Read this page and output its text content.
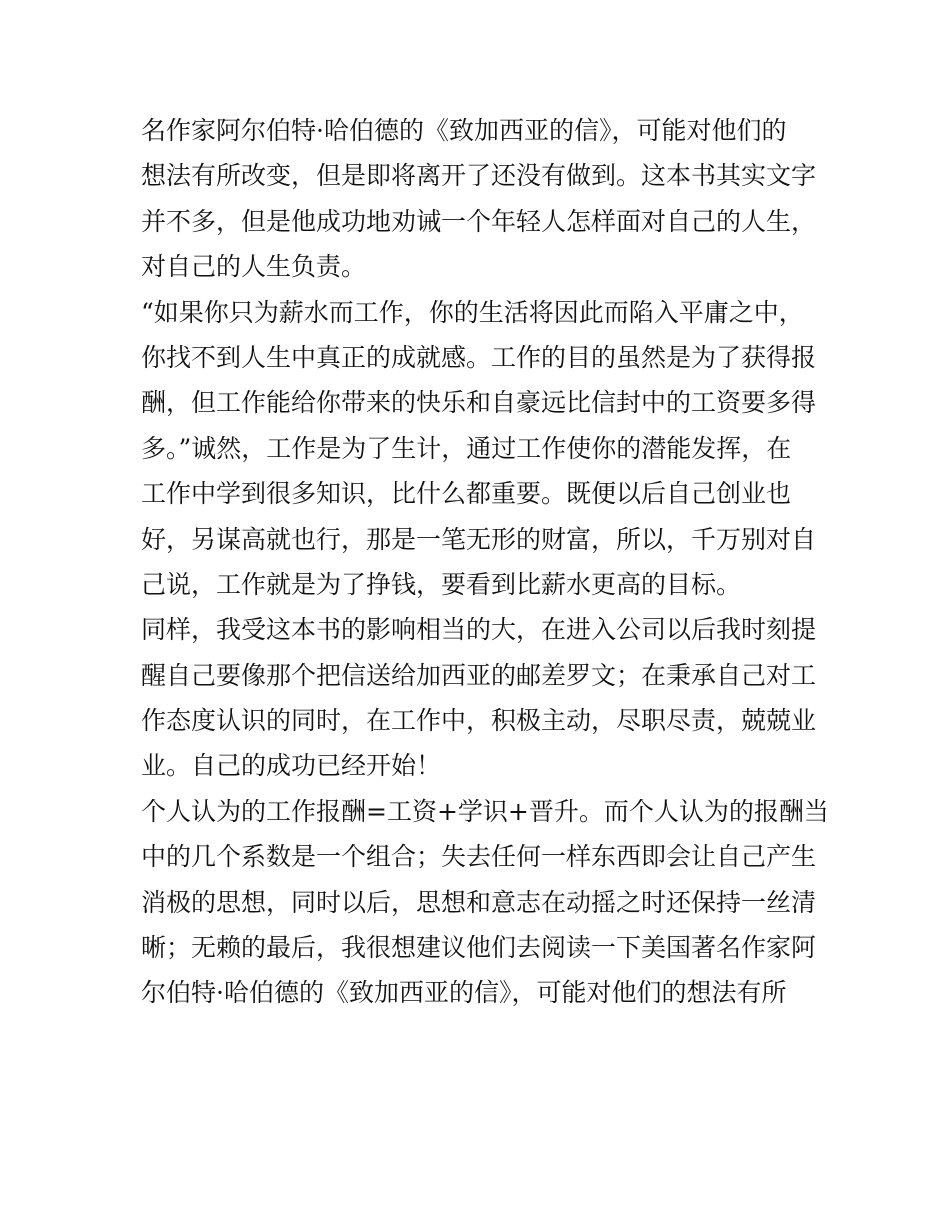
名作家阿尔伯特·哈伯德的《致加西亚的信》，可能对他们的
想法有所改变，但是即将离开了还没有做到。这本书其实文字
并不多，但是他成功地劝诫一个年轻人怎样面对自己的人生，
对自己的人生负责。
“如果你只为薪水而工作，你的生活将因此而陷入平庸之中，
你找不到人生中真正的成就感。工作的目的虽然是为了获得报
酬，但工作能给你带来的快乐和自豪远比信封中的工资要多得
多。”诚然，工作是为了生计，通过工作使你的潜能发挥，在
工作中学到很多知识，比什么都重要。既便以后自己创业也
好，另谋高就也行，那是一笔无形的财富，所以，千万别对自
己说，工作就是为了挣钱，要看到比薪水更高的目标。
同样，我受这本书的影响相当的大，在进入公司以后我时刻提
醒自己要像那个把信送给加西亚的邮差罗文；在秉承自己对工
作态度认识的同时，在工作中，积极主动，尽职尽责，兢兢业
业。自己的成功已经开始！
个人认为的工作报酬=工资+学识+晋升。而个人认为的报酬当
中的几个系数是一个组合；失去任何一样东西即会让自己产生
消极的思想，同时以后，思想和意志在动摇之时还保持一丝清
晰；无赖的最后，我很想建议他们去阅读一下美国著名作家阿
尔伯特·哈伯德的《致加西亚的信》，可能对他们的想法有所
